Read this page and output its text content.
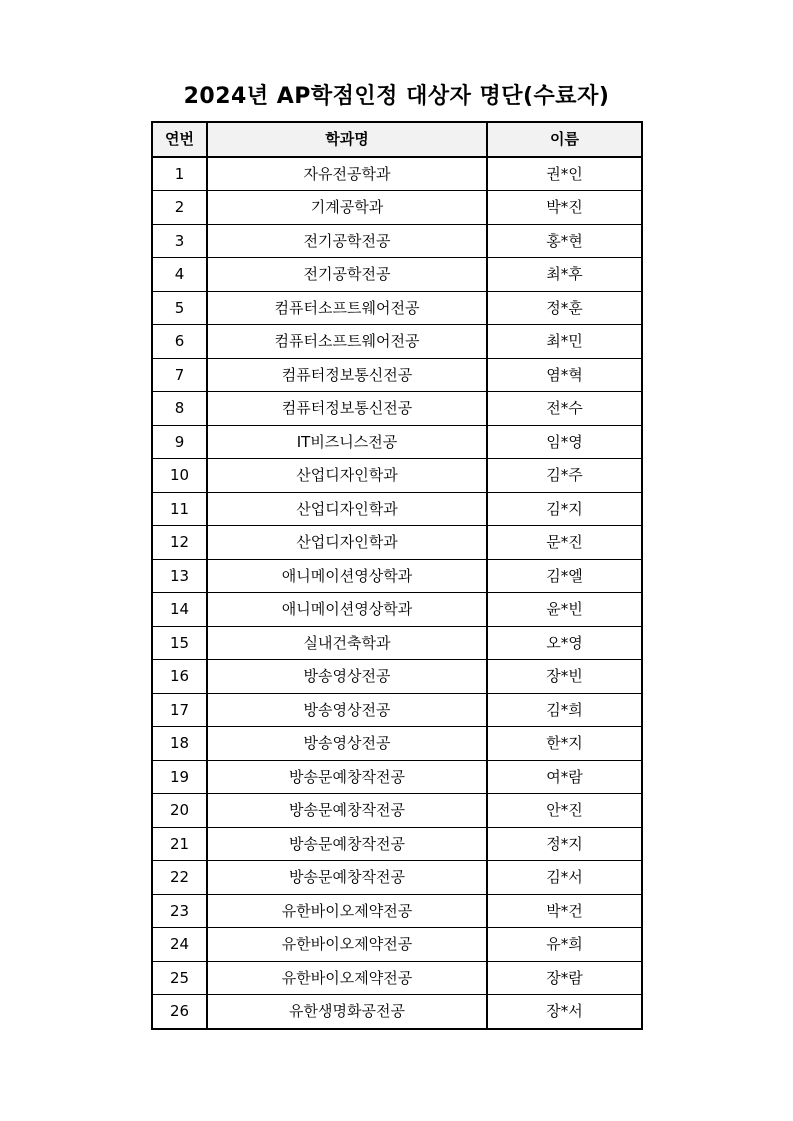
2024년 AP학점인정 대상자 명단(수료자)
연번	학과명	이름
1	자유전공학과	권*인
2	기계공학과	박*진
3	전기공학전공	홍*현
4	전기공학전공	최*후
5	컴퓨터소프트웨어전공	정*훈
6	컴퓨터소프트웨어전공	최*민
7	컴퓨터정보통신전공	염*혁
8	컴퓨터정보통신전공	전*수
9	IT비즈니스전공	임*영
10	산업디자인학과	김*주
11	산업디자인학과	김*지
12	산업디자인학과	문*진
13	애니메이션영상학과	김*엘
14	애니메이션영상학과	윤*빈
15	실내건축학과	오*영
16	방송영상전공	장*빈
17	방송영상전공	김*희
18	방송영상전공	한*지
19	방송문예창작전공	여*람
20	방송문예창작전공	안*진
21	방송문예창작전공	정*지
22	방송문예창작전공	김*서
23	유한바이오제약전공	박*건
24	유한바이오제약전공	유*희
25	유한바이오제약전공	장*람
26	유한생명화공전공	장*서
